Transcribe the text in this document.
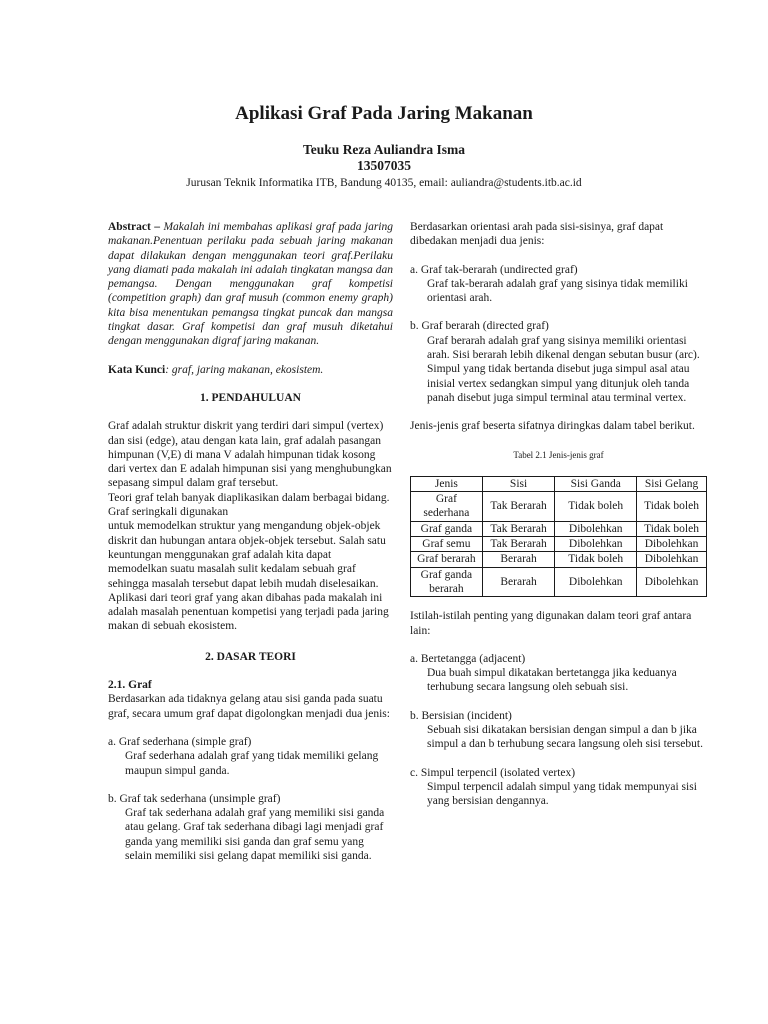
Aplikasi Graf Pada Jaring Makanan
Teuku Reza Auliandra Isma
13507035
Jurusan Teknik Informatika ITB, Bandung 40135, email: auliandra@students.itb.ac.id

Abstract – Makalah ini membahas aplikasi graf pada jaring makanan.Penentuan perilaku pada sebuah jaring makanan dapat dilakukan dengan menggunakan teori graf.Perilaku yang diamati pada makalah ini adalah tingkatan mangsa dan pemangsa. Dengan menggunakan graf kompetisi (competition graph) dan graf musuh (common enemy graph) kita bisa menentukan pemangsa tingkat puncak dan mangsa tingkat dasar. Graf kompetisi dan graf musuh diketahui dengan menggunakan digraf jaring makanan.

Kata Kunci: graf, jaring makanan, ekosistem.

1. PENDAHULUAN

Graf adalah struktur diskrit yang terdiri dari simpul (vertex) dan sisi (edge), atau dengan kata lain, graf adalah pasangan himpunan (V,E) di mana V adalah himpunan tidak kosong dari vertex dan E adalah himpunan sisi yang menghubungkan sepasang simpul dalam graf tersebut.

Teori graf telah banyak diaplikasikan dalam berbagai bidang. Graf seringkali digunakan

untuk memodelkan struktur yang mengandung objek-objek diskrit dan hubungan antara objek-objek tersebut. Salah satu keuntungan menggunakan graf adalah kita dapat memodelkan suatu masalah sulit kedalam sebuah graf sehingga masalah tersebut dapat lebih mudah diselesaikan.

Aplikasi dari teori graf yang akan dibahas pada makalah ini adalah masalah penentuan kompetisi yang terjadi pada jaring makan di sebuah ekosistem.

2. DASAR TEORI

2.1. Graf

Berdasarkan ada tidaknya gelang atau sisi ganda pada suatu graf, secara umum graf dapat digolongkan menjadi dua jenis:

a. Graf sederhana (simple graf)

Graf sederhana adalah graf yang tidak memiliki gelang maupun simpul ganda.

b. Graf tak sederhana (unsimple graf)

Graf tak sederhana adalah graf yang memiliki sisi ganda atau gelang. Graf tak sederhana dibagi lagi menjadi graf ganda yang memiliki sisi ganda dan graf semu yang selain memiliki sisi gelang dapat memiliki sisi ganda.

Berdasarkan orientasi arah pada sisi-sisinya, graf dapat dibedakan menjadi dua jenis:

a. Graf tak-berarah (undirected graf)

Graf tak-berarah adalah graf yang sisinya tidak memiliki orientasi arah.

b. Graf berarah (directed graf)

Graf berarah adalah graf yang sisinya memiliki orientasi arah. Sisi berarah lebih dikenal dengan sebutan busur (arc). Simpul yang tidak bertanda disebut juga simpul asal atau inisial vertex sedangkan simpul yang ditunjuk oleh tanda panah disebut juga simpul terminal atau terminal vertex.

Jenis-jenis graf beserta sifatnya diringkas dalam tabel berikut.

Tabel 2.1 Jenis-jenis graf

Jenis	Sisi	Sisi Ganda	Sisi Gelang
Graf sederhana	Tak Berarah	Tidak boleh	Tidak boleh
Graf ganda	Tak Berarah	Dibolehkan	Tidak boleh
Graf semu	Tak Berarah	Dibolehkan	Dibolehkan
Graf berarah	Berarah	Tidak boleh	Dibolehkan
Graf ganda berarah	Berarah	Dibolehkan	Dibolehkan

Istilah-istilah penting yang digunakan dalam teori graf antara lain:

a. Bertetangga (adjacent)

Dua buah simpul dikatakan bertetangga jika keduanya terhubung secara langsung oleh sebuah sisi.

b. Bersisian (incident)

Sebuah sisi dikatakan bersisian dengan simpul a dan b jika simpul a dan b terhubung secara langsung oleh sisi tersebut.

c. Simpul terpencil (isolated vertex)

Simpul terpencil adalah simpul yang tidak mempunyai sisi yang bersisian dengannya.
